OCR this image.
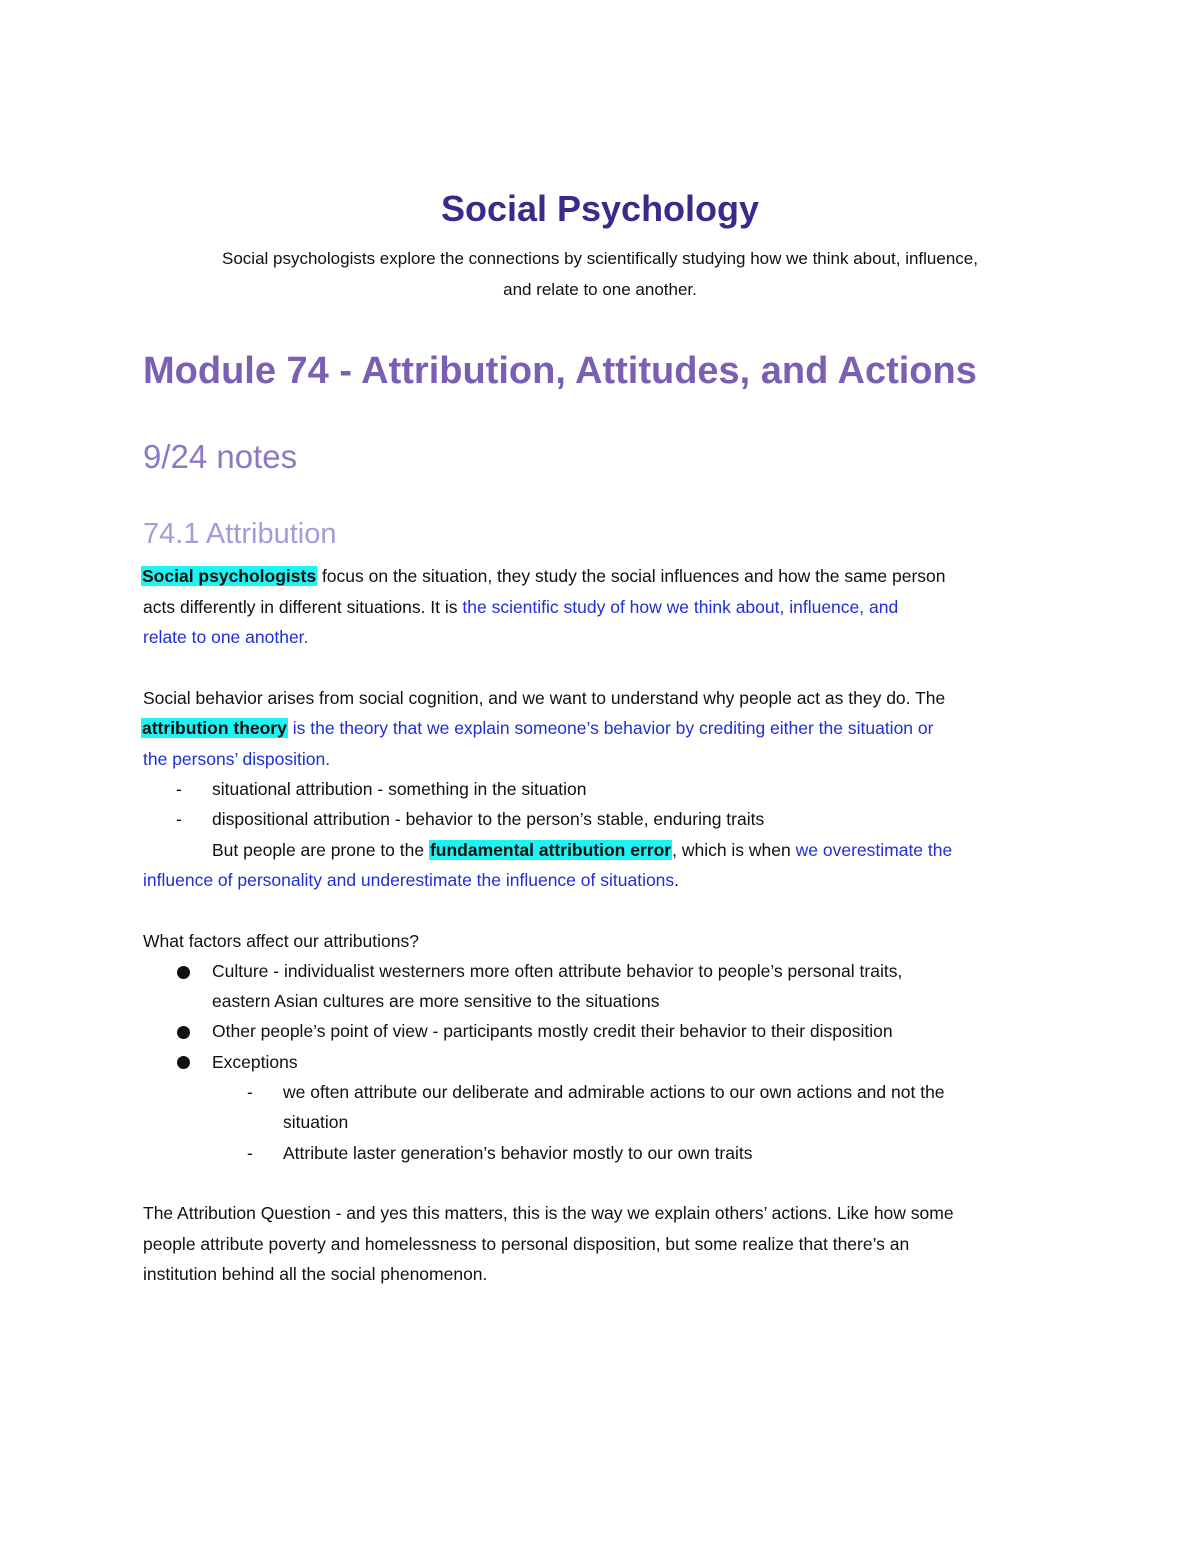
Social Psychology
Social psychologists explore the connections by scientifically studying how we think about, influence,
and relate to one another.
Module 74 - Attribution, Attitudes, and Actions
9/24 notes
74.1 Attribution
Social psychologists focus on the situation, they study the social influences and how the same person
acts differently in different situations. It is the scientific study of how we think about, influence, and
relate to one another.
Social behavior arises from social cognition, and we want to understand why people act as they do. The
attribution theory is the theory that we explain someone’s behavior by crediting either the situation or
the persons’ disposition.
- situational attribution - something in the situation
- dispositional attribution - behavior to the person’s stable, enduring traits
But people are prone to the fundamental attribution error, which is when we overestimate the
influence of personality and underestimate the influence of situations.
What factors affect our attributions?
Culture - individualist westerners more often attribute behavior to people’s personal traits,
eastern Asian cultures are more sensitive to the situations
Other people’s point of view - participants mostly credit their behavior to their disposition
Exceptions
- we often attribute our deliberate and admirable actions to our own actions and not the
situation
- Attribute laster generation’s behavior mostly to our own traits
The Attribution Question - and yes this matters, this is the way we explain others’ actions. Like how some
people attribute poverty and homelessness to personal disposition, but some realize that there’s an
institution behind all the social phenomenon.
